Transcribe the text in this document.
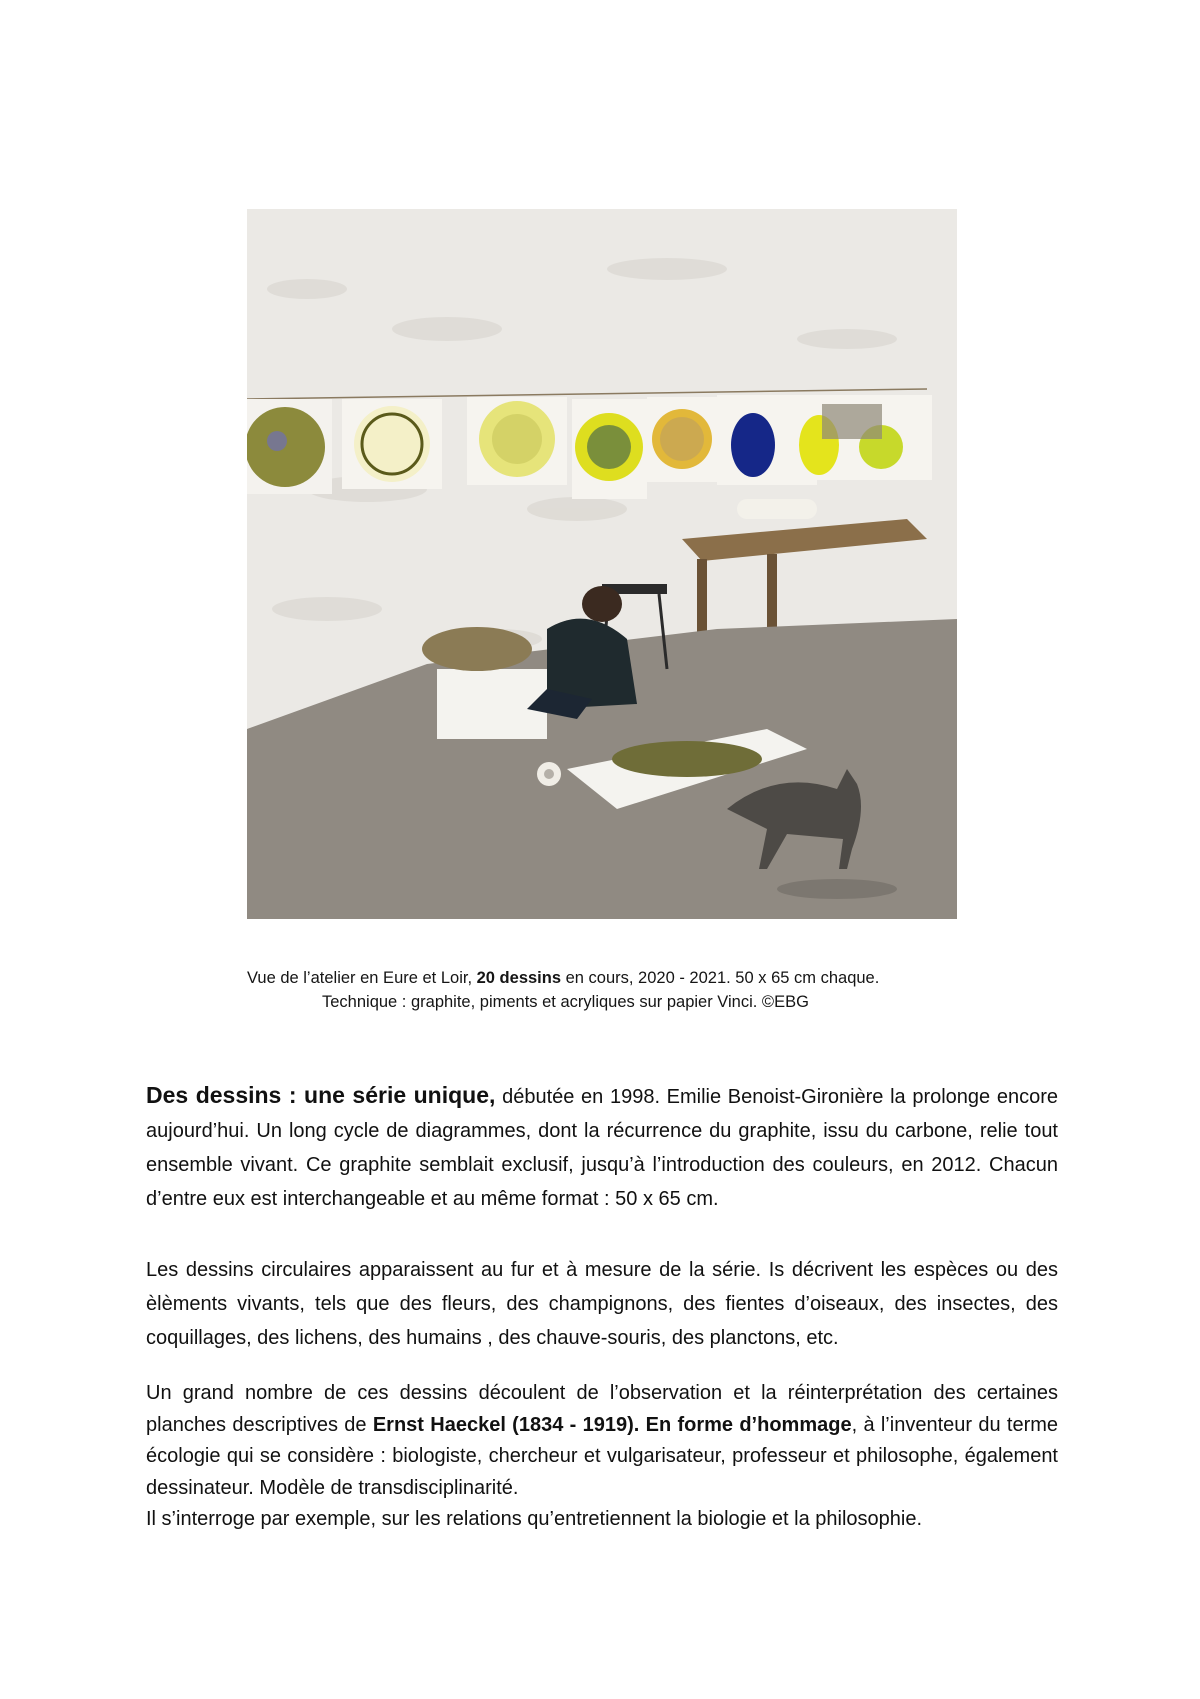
Vue de l’atelier en Eure et Loir, 20 dessins en cours, 2020 - 2021. 50 x 65 cm chaque.
Technique : graphite, piments et acryliques sur papier Vinci. ©EBG
Des dessins : une série unique, débutée en 1998. Emilie Benoist-Gironière la prolonge encore aujourd’hui. Un long cycle de diagrammes, dont la récurrence du graphite, issu du carbone, relie tout ensemble vivant. Ce graphite semblait exclusif, jusqu’à l’introduction des couleurs, en 2012. Chacun d’entre eux est interchangeable et au même format : 50 x 65 cm.
Les dessins circulaires apparaissent au fur et à mesure de la série. Is décrivent les espèces ou des èlèments vivants, tels que des fleurs, des champignons, des fientes d’oiseaux, des insectes, des coquillages, des lichens, des humains , des chauve-souris, des planctons, etc.
Un grand nombre de ces dessins découlent de l’observation et la réinterprétation des certaines planches descriptives de Ernst Haeckel (1834 - 1919). En forme d’hommage, à l’inventeur du terme écologie qui se considère : biologiste, chercheur et vulgarisateur, professeur et philosophe, également dessinateur. Modèle de transdisciplinarité.
Il s’interroge par exemple, sur les relations qu’entretiennent la biologie et la philosophie.
